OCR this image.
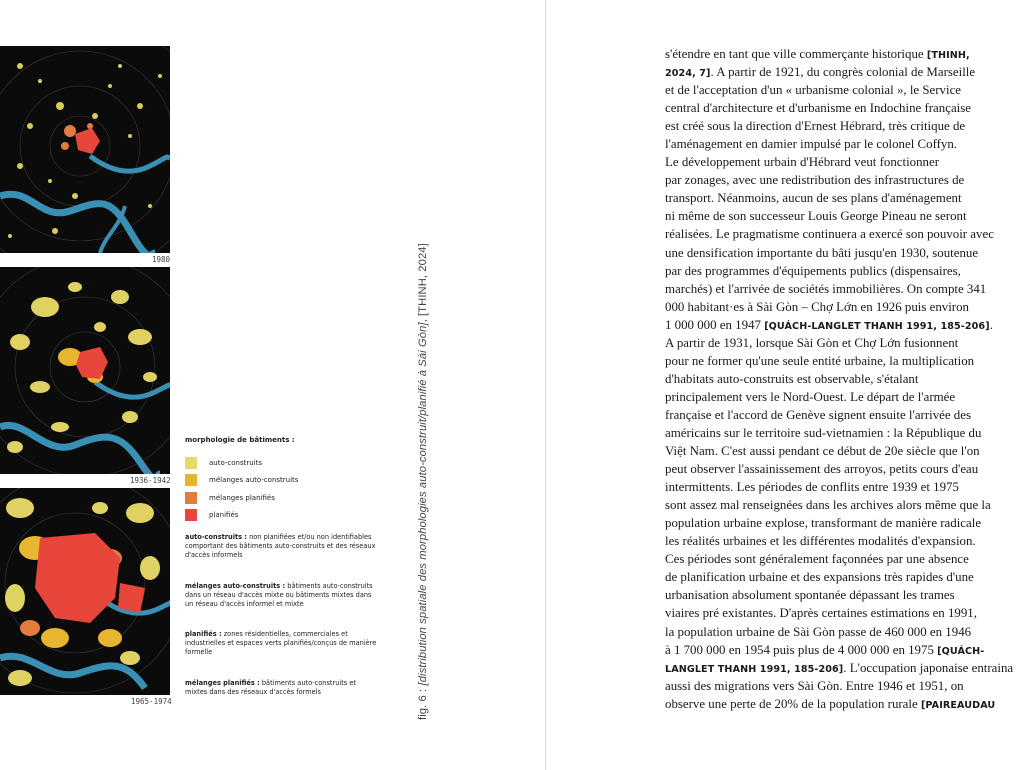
1980
1936-1942
1965-1974
morphologie de bâtiments :
auto-construits
mélanges auto-construits
mélanges planifiés
planifiés
auto-construits : non planifiées et/ou non identifiables comportant des bâtiments auto-construits et des réseaux d'accès informels
mélanges auto-construits : bâtiments auto-construits dans un réseau d'accès mixte ou bâtiments mixtes dans un réseau d'accès informel et mixte
planifiés : zones résidentielles, commerciales et industrielles et espaces verts planifiés/conçus de manière formelle
mélanges planifiés : bâtiments auto-construits et mixtes dans des réseaux d'accès formels	fig. 6 : [distribution spatiale des morphologies auto-construit/planifié à Sài Gòn], [THINH, 2024]
s'étendre en tant que ville commerçante historique [THINH,
2024, 7]. A partir de 1921, du congrès colonial de Marseille
et de l'acceptation d'un « urbanisme colonial », le Service
central d'architecture et d'urbanisme en Indochine française
est créé sous la direction d'Ernest Hébrard, très critique de
l'aménagement en damier impulsé par le colonel Coffyn.
Le développement urbain d'Hébrard veut fonctionner
par zonages, avec une redistribution des infrastructures de
transport. Néanmoins, aucun de ses plans d'aménagement
ni même de son successeur Louis George Pineau ne seront
réalisées. Le pragmatisme continuera a exercé son pouvoir avec
une densification importante du bâti jusqu'en 1930, soutenue
par des programmes d'équipements publics (dispensaires,
marchés) et l'arrivée de sociétés immobilières. On compte 341
000 habitant·es à Sài Gòn – Chợ Lớn en 1926 puis environ
1 000 000 en 1947 [QUÁCH-LANGLET THANH 1991, 185-206].
A partir de 1931, lorsque Sài Gòn et Chợ Lớn fusionnent
pour ne former qu'une seule entité urbaine, la multiplication
d'habitats auto-construits est observable, s'étalant
principalement vers le Nord-Ouest. Le départ de l'armée
française et l'accord de Genève signent ensuite l'arrivée des
américains sur le territoire sud-vietnamien : la République du
Việt Nam. C'est aussi pendant ce début de 20e siècle que l'on
peut observer l'assainissement des arroyos, petits cours d'eau
intermittents. Les périodes de conflits entre 1939 et 1975
sont assez mal renseignées dans les archives alors même que la
population urbaine explose, transformant de manière radicale
les réalités urbaines et les différentes modalités d'expansion.
Ces périodes sont généralement façonnées par une absence
de planification urbaine et des expansions très rapides d'une
urbanisation absolument spontanée dépassant les trames
viaires pré existantes. D'après certaines estimations en 1991,
la population urbaine de Sài Gòn passe de 460 000 en 1946
à 1 700 000 en 1954 puis plus de 4 000 000 en 1975 [QUÁCH-
LANGLET THANH 1991, 185-206]. L'occupation japonaise entraina
aussi des migrations vers Sài Gòn. Entre 1946 et 1951, on
observe une perte de 20% de la population rurale [PAIREAUDAU
